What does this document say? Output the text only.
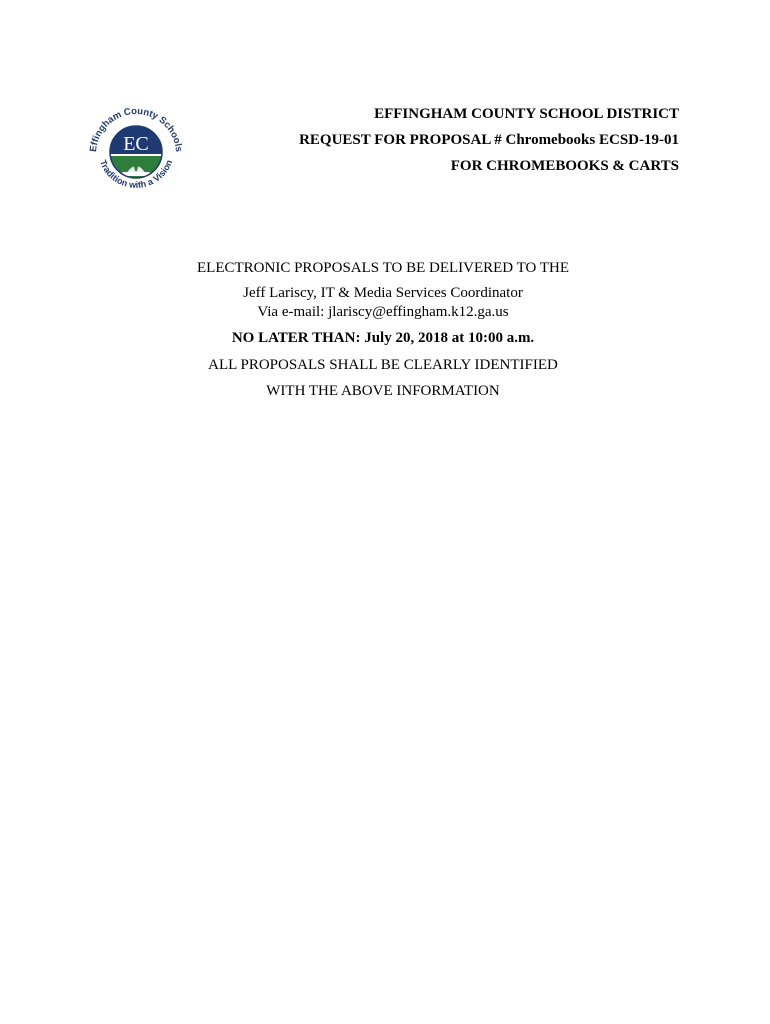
EC
Effingham County Schools
Tradition with a Vision
EFFINGHAM COUNTY SCHOOL DISTRICT
REQUEST FOR PROPOSAL # Chromebooks ECSD-19-01
FOR CHROMEBOOKS & CARTS
ELECTRONIC PROPOSALS TO BE DELIVERED TO THE
Jeff Lariscy, IT & Media Services Coordinator
Via e-mail: jlariscy@effingham.k12.ga.us
NO LATER THAN: July 20, 2018 at 10:00 a.m.
ALL PROPOSALS SHALL BE CLEARLY IDENTIFIED
WITH THE ABOVE INFORMATION
